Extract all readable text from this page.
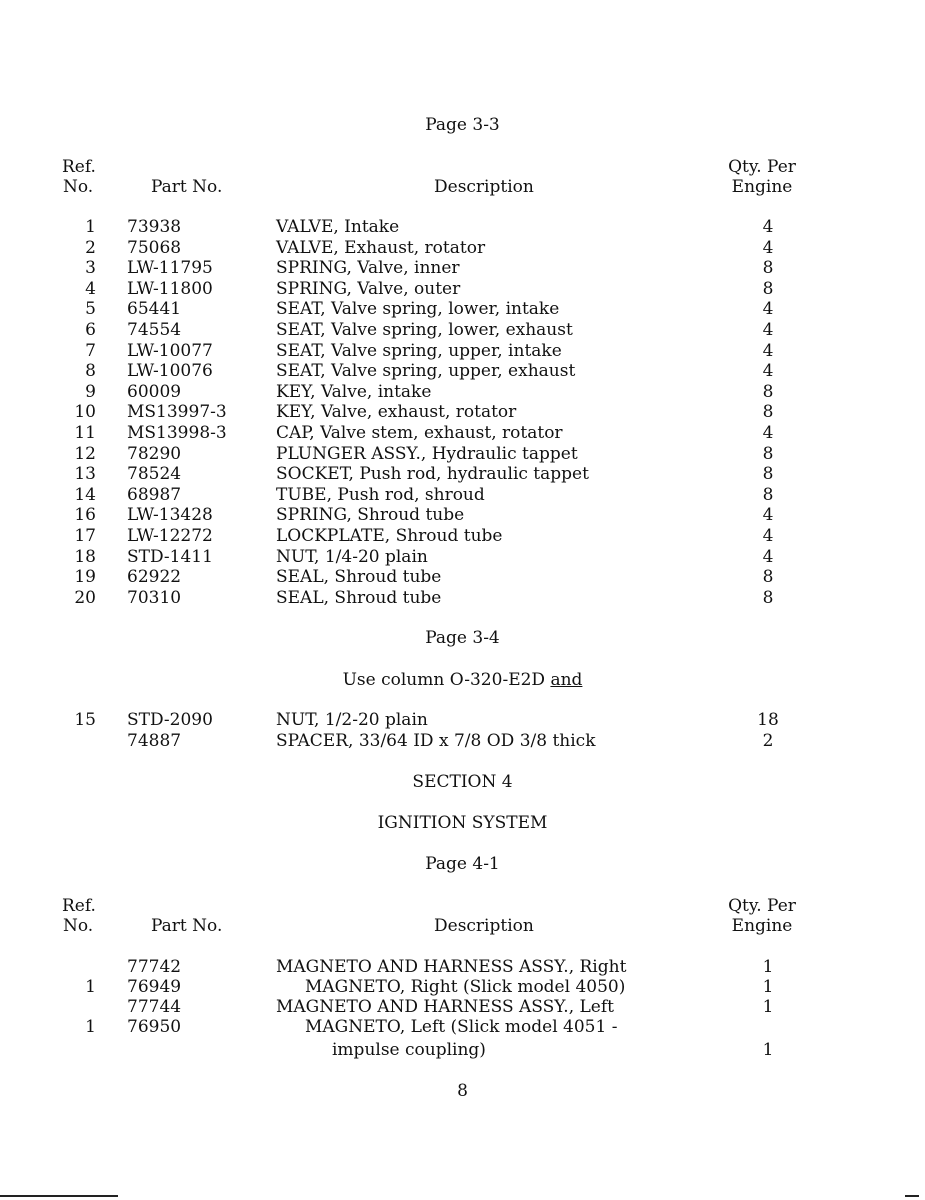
Page 3-3
Ref.
No.	Part No.	Description
Qty. Per
Engine
1 73938	VALVE, Intake	4
2 75068	VALVE, Exhaust, rotator	4
3 LW-11795	SPRING, Valve, inner	8
4 LW-11800	SPRING, Valve, outer	8
5 65441	SEAT, Valve spring, lower, intake	4
6 74554	SEAT, Valve spring, lower, exhaust	4
7 LW-10077	SEAT, Valve spring, upper, intake	4
8 LW-10076	SEAT, Valve spring, upper, exhaust	4
9 60009	KEY, Valve, intake	8
10 MS13997-3	KEY, Valve, exhaust, rotator	8
11 MS13998-3	CAP, Valve stem, exhaust, rotator	4
12 78290	PLUNGER ASSY., Hydraulic tappet	8
13 78524	SOCKET, Push rod, hydraulic tappet	8
14 68987	TUBE, Push rod, shroud	8
16 LW-13428	SPRING, Shroud tube	4
17 LW-12272	LOCKPLATE, Shroud tube	4
18 STD-1411	NUT, 1/4-20 plain	4
19 62922	SEAL, Shroud tube	8
20 70310	SEAL, Shroud tube	8
Page 3-4
Use column O-320-E2D and
15 STD-2090	NUT, 1/2-20 plain	18
74887	SPACER, 33/64 ID x 7/8 OD 3/8 thick	2
SECTION 4
IGNITION SYSTEM
Page 4-1
Ref.
No.	Part No.	Description
Qty. Per
Engine
77742	MAGNETO AND HARNESS ASSY., Right	1
1 76949	MAGNETO, Right (Slick model 4050)	1
77744	MAGNETO AND HARNESS ASSY., Left	1
1 76950	MAGNETO, Left (Slick model 4051 -
impulse coupling)	1
8
